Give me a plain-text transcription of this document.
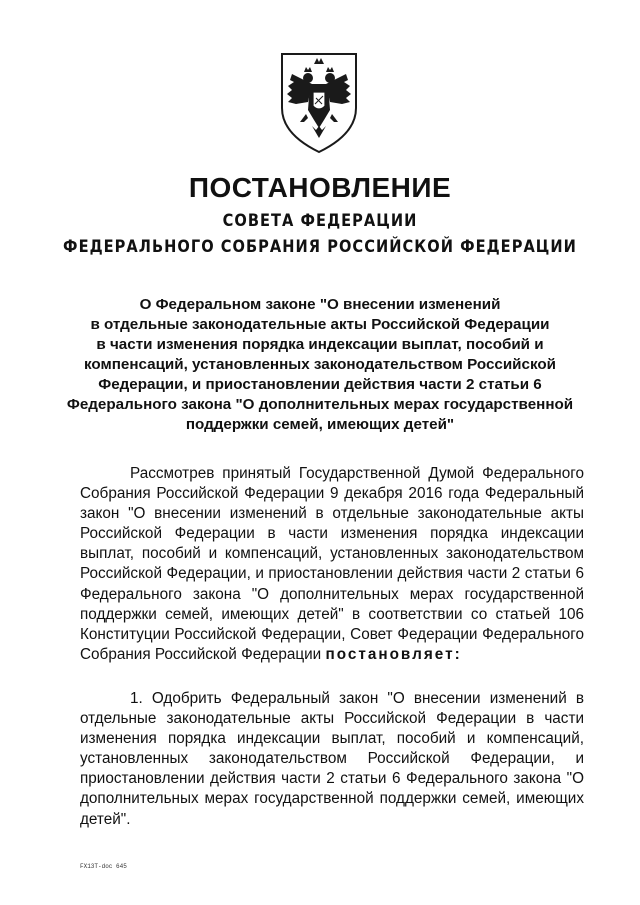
ПОСТАНОВЛЕНИЕ
СОВЕТА ФЕДЕРАЦИИ
ФЕДЕРАЛЬНОГО СОБРАНИЯ РОССИЙСКОЙ ФЕДЕРАЦИИ
О Федеральном законе "О внесении изменений
в отдельные законодательные акты Российской Федерации
в части изменения порядка индексации выплат, пособий и
компенсаций, установленных законодательством Российской
Федерации, и приостановлении действия части 2 статьи 6
Федерального закона "О дополнительных мерах государственной
поддержки семей, имеющих детей"

Рассмотрев принятый Государственной Думой Федерального Собрания Российской Федерации 9 декабря 2016 года Федеральный закон "О внесении изменений в отдельные законодательные акты Российской Федерации в части изменения порядка индексации выплат, пособий и компенсаций, установленных законодательством Российской Федерации, и приостановлении действия части 2 статьи 6 Федерального закона "О дополнительных мерах государственной поддержки семей, имеющих детей" в соответствии со статьей 106 Конституции Российской Федерации, Совет Федерации Федерального Собрания Российской Федерации постановляет:

1. Одобрить Федеральный закон "О внесении изменений в отдельные законодательные акты Российской Федерации в части изменения порядка индексации выплат, пособий и компенсаций, установленных законодательством Российской Федерации, и приостановлении действия части 2 статьи 6 Федерального закона "О дополнительных мерах государственной поддержки семей, имеющих детей".

FX13T-doc 645
